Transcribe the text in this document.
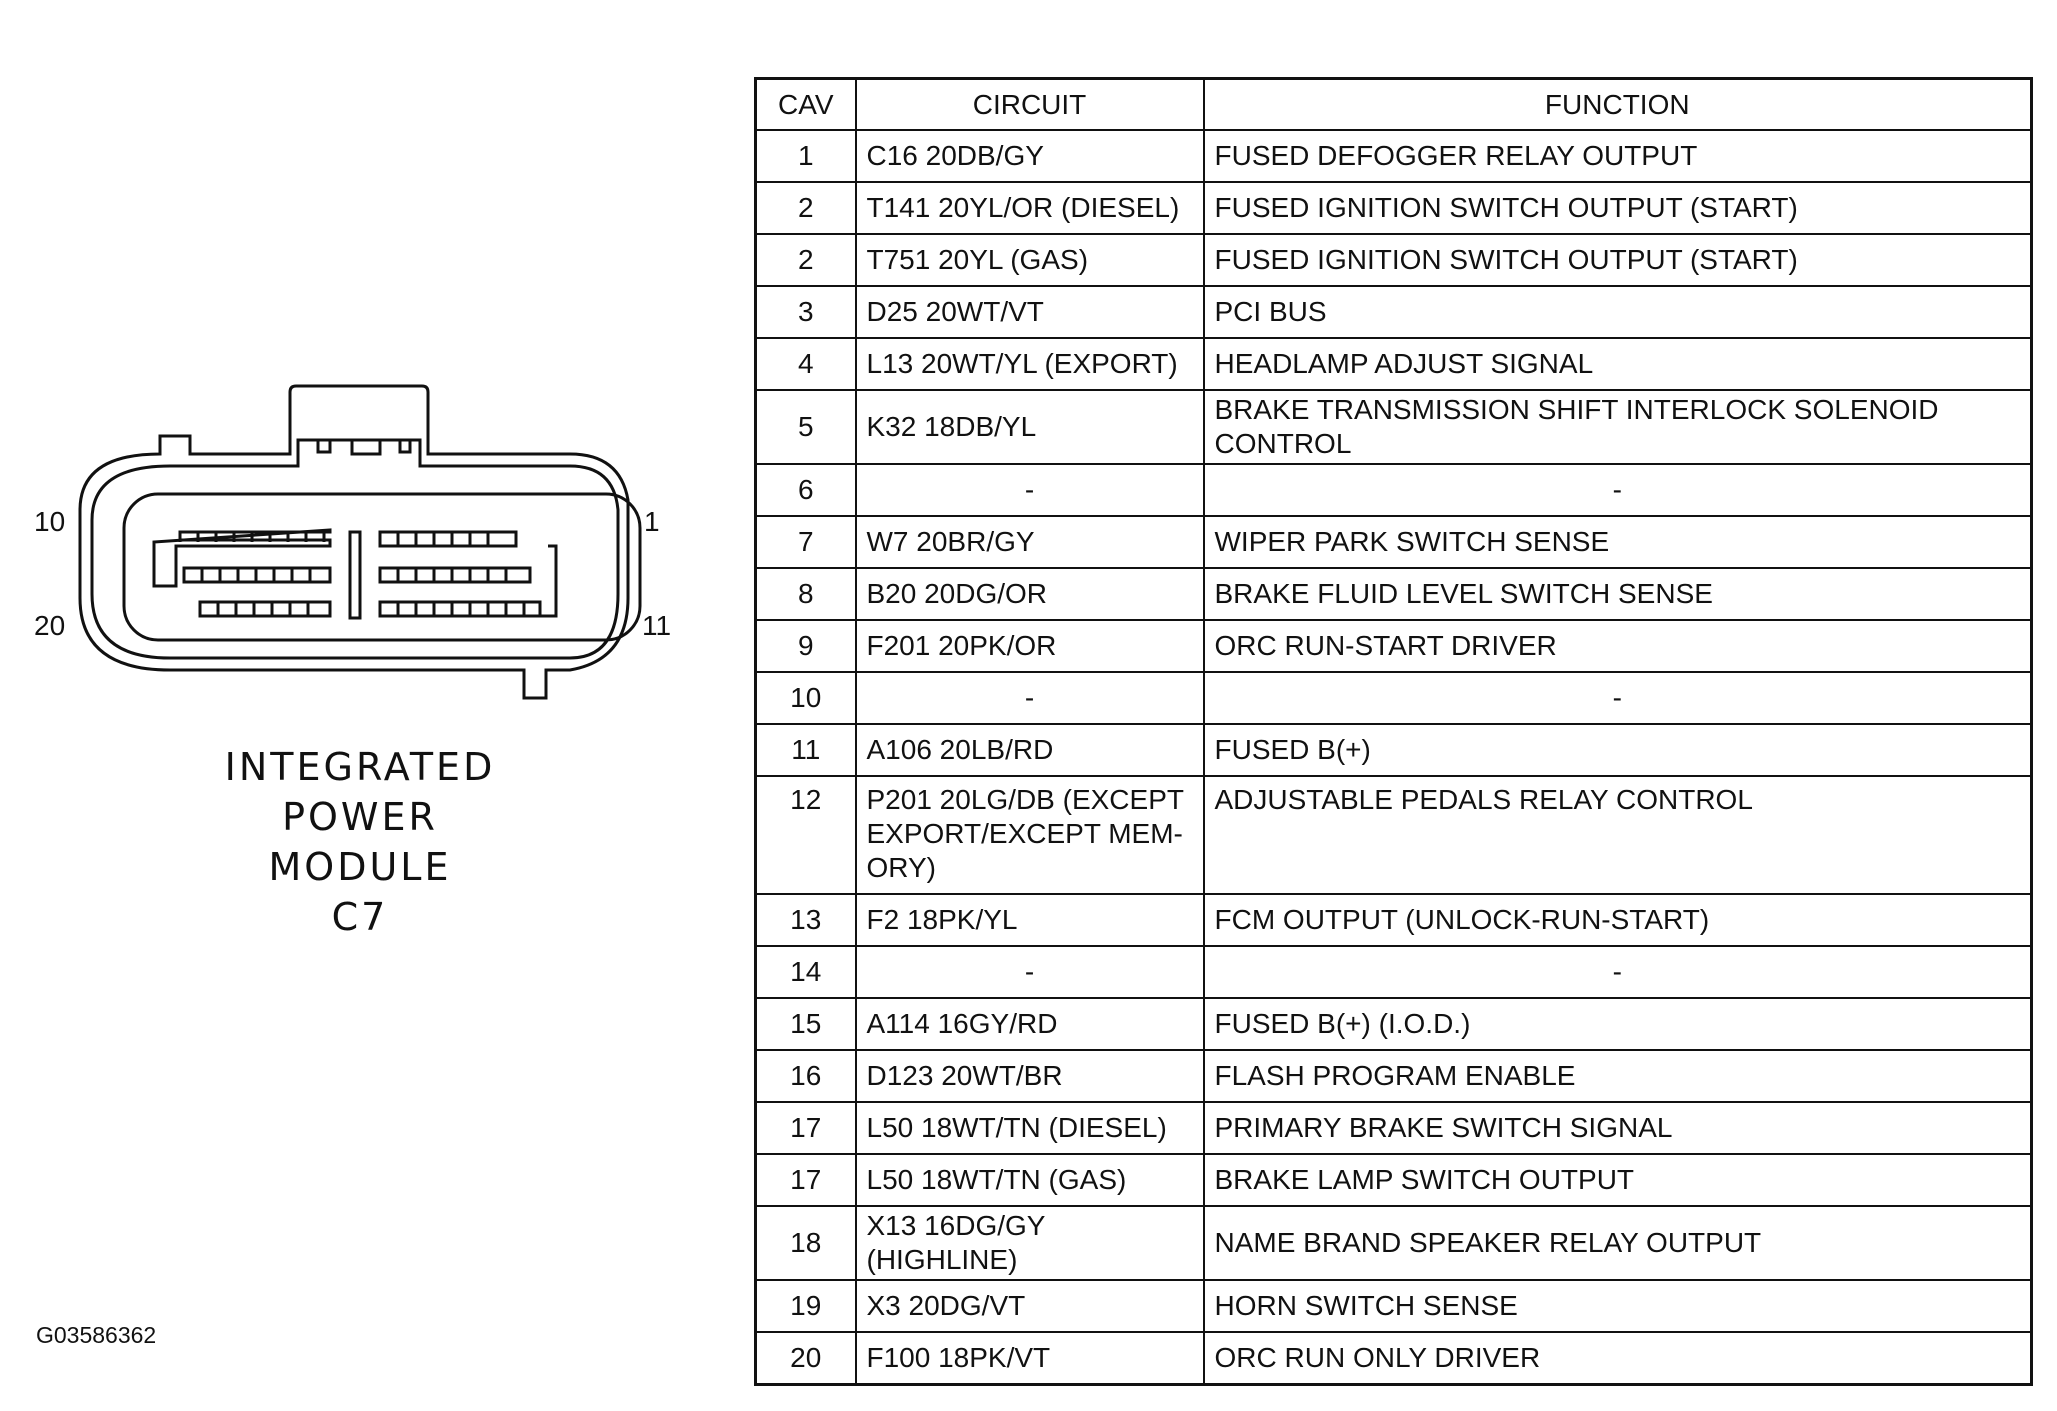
10
20
1
11
INTEGRATED
POWER
MODULE
C7
G03586362
CAV	CIRCUIT	FUNCTION
1	C16 20DB/GY	FUSED DEFOGGER RELAY OUTPUT
2	T141 20YL/OR (DIESEL)	FUSED IGNITION SWITCH OUTPUT (START)
2	T751 20YL (GAS)	FUSED IGNITION SWITCH OUTPUT (START)
3	D25 20WT/VT	PCI BUS
4	L13 20WT/YL (EXPORT)	HEADLAMP ADJUST SIGNAL
5	K32 18DB/YL	BRAKE TRANSMISSION SHIFT INTERLOCK SOLENOID CONTROL
6	-	-
7	W7 20BR/GY	WIPER PARK SWITCH SENSE
8	B20 20DG/OR	BRAKE FLUID LEVEL SWITCH SENSE
9	F201 20PK/OR	ORC RUN-START DRIVER
10	-	-
11	A106 20LB/RD	FUSED B(+)
12	P201 20LG/DB (EXCEPT EXPORT/EXCEPT MEM- ORY)	ADJUSTABLE PEDALS RELAY CONTROL
13	F2 18PK/YL	FCM OUTPUT (UNLOCK-RUN-START)
14	-	-
15	A114 16GY/RD	FUSED B(+) (I.O.D.)
16	D123 20WT/BR	FLASH PROGRAM ENABLE
17	L50 18WT/TN (DIESEL)	PRIMARY BRAKE SWITCH SIGNAL
17	L50 18WT/TN (GAS)	BRAKE LAMP SWITCH OUTPUT
18	X13 16DG/GY (HIGHLINE)	NAME BRAND SPEAKER RELAY OUTPUT
19	X3 20DG/VT	HORN SWITCH SENSE
20	F100 18PK/VT	ORC RUN ONLY DRIVER
